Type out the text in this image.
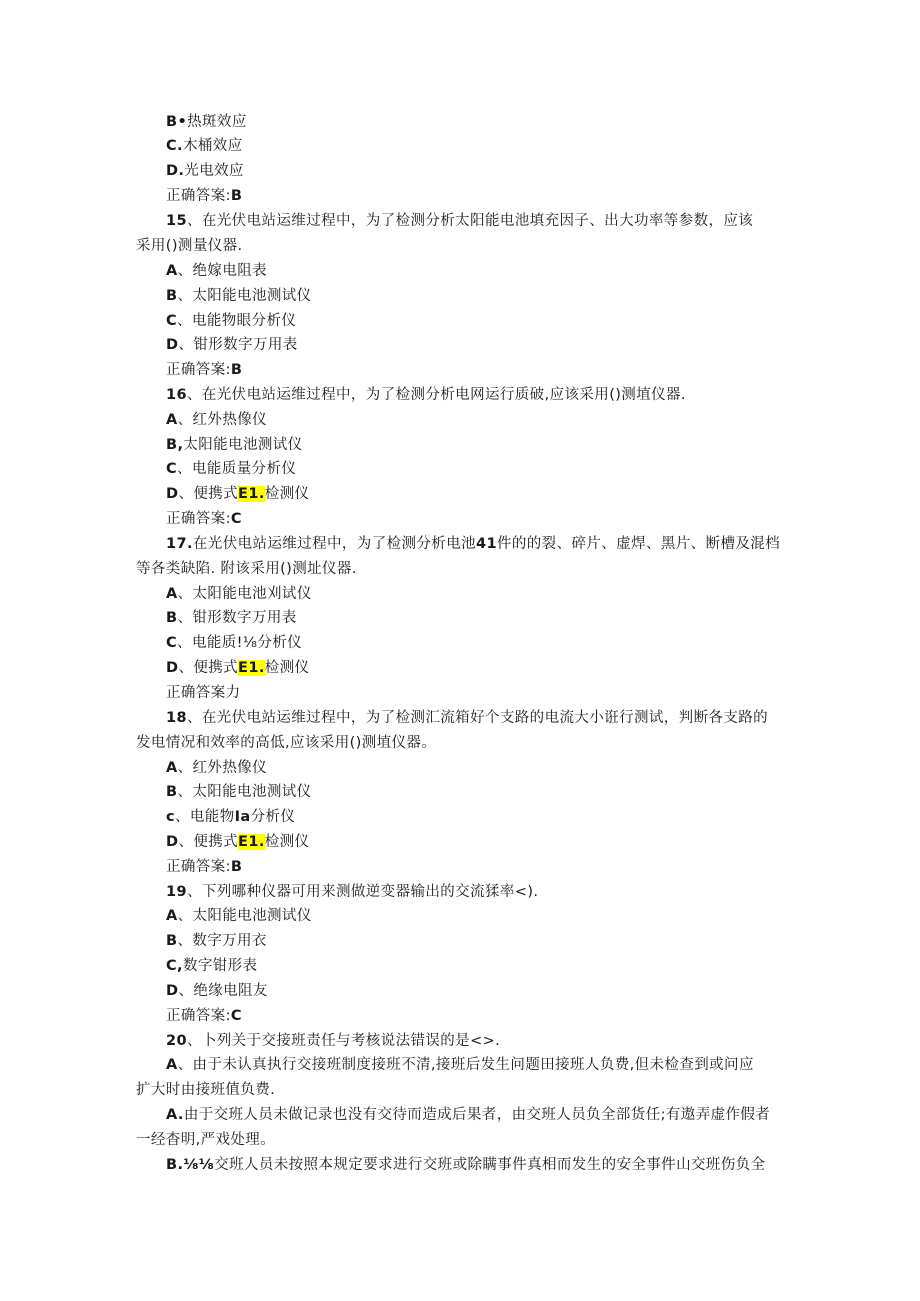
B•热斑效应
C.木桶效应
D.光电效应
正确答案:B
15、在光伏电站运维过程中，为了检测分析太阳能电池填充因子、出大功率等参数，应该
采用()测量仪器.
A、绝嫁电阻表
B、太阳能电池测试仪
C、电能物眼分析仪
D、钳形数字万用表
正确答案:B
16、在光伏电站运维过程中，为了检测分析电网运行质破,应该采用()测埴仪器.
A、红外热像仪
B,太阳能电池测试仪
C、电能质量分析仪
D、便携式E1.检测仪
正确答案:C
17.在光伏电站运维过程中，为了检测分析电池41件的的裂、碎片、虚焊、黑片、断槽及混档
等各类缺陷. 附该采用()测址仪器.
A、太阳能电池刈试仪
B、钳形数字万用表
C、电能质!⅛分析仪
D、便携式E1.检测仪
正确答案力
18、在光伏电站运维过程中，为了检测汇流箱好个支路的电流大小诳行测试，判断各支路的
发电情况和效率的高低,应该采用()测埴仪器。
A、红外热像仪
B、太阳能电池测试仪
c、电能物Ia分析仪
D、便携式E1.检测仪
正确答案:B
19、下列哪种仪器可用来测做逆变器输出的交流猱率<).
A、太阳能电池测试仪
B、数字万用衣
C,数字钳形表
D、绝缘电阻友
正确答案:C
20、卜列关于交接班责任与考核说法错误的是<>.
A、由于未认真执行交接班制度接班不清,接班后发生问题田接班人负费,但未检查到或问应
扩大时由接班值负费.
A.由于交班人员未做记录也没有交待而造成后果者，由交班人员负全部货任;有遨弄虚作假者
一经杳明,严戏处理。
B.⅛⅛交班人员未按照本规定要求进行交班或除瞒事件真相而发生的安全事件山交班伤负全
